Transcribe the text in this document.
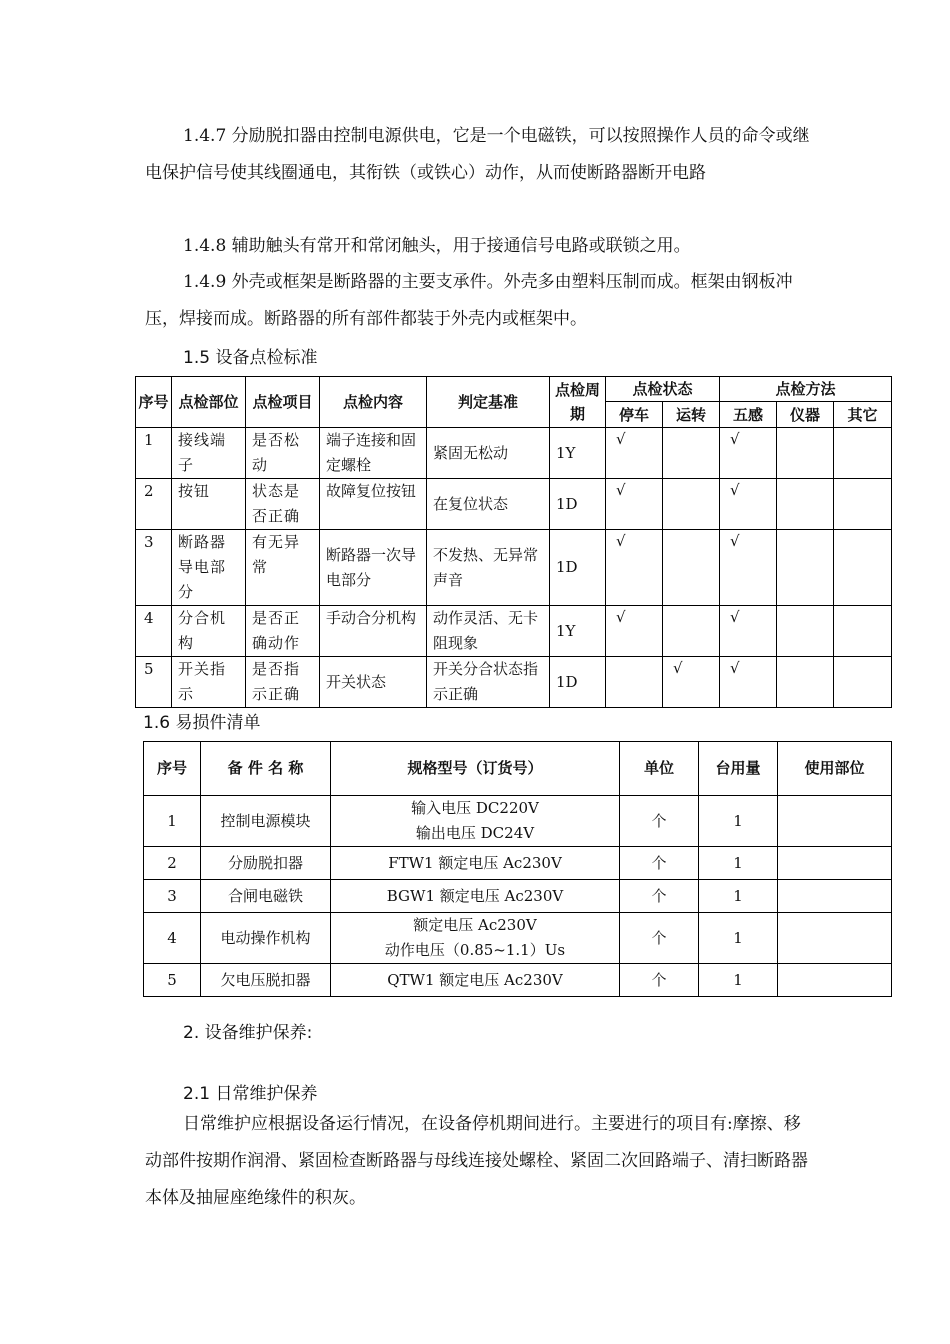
1.4.7 分励脱扣器由控制电源供电，它是一个电磁铁，可以按照操作人员的命令或继电保护信号使其线圈通电，其衔铁（或铁心）动作，从而使断路器断开电路
1.4.8 辅助触头有常开和常闭触头，用于接通信号电路或联锁之用。
1.4.9 外壳或框架是断路器的主要支承件。外壳多由塑料压制而成。框架由钢板冲压，焊接而成。断路器的所有部件都装于外壳内或框架中。
1.5 设备点检标准
序号	点检部位	点检项目	点检内容	判定基准	点检周期	点检状态		点检方法		
						停车	运转	五感	仪器	其它
1	接线端子	是否松动	端子连接和固定螺栓	紧固无松动	1Y	√		√		
2	按钮	状态是否正确	故障复位按钮	在复位状态	1D	√		√		
3	断路器导电部分	有无异常	断路器一次导电部分	不发热、无异常声音	1D	√		√		
4	分合机构	是否正确动作	手动合分机构	动作灵活、无卡阻现象	1Y	√		√		
5	开关指示	是否指示正确	开关状态	开关分合状态指示正确	1D		√	√		
1.6 易损件清单
序号	备 件 名 称	规格型号（订货号）	单位	台用量	使用部位
1	控制电源模块	输入电压 DC220V
输出电压 DC24V	个	1	
2	分励脱扣器	FTW1 额定电压 Ac230V	个	1	
3	合闸电磁铁	BGW1 额定电压 Ac230V	个	1	
4	电动操作机构	额定电压 Ac230V
动作电压（0.85~1.1）Us	个	1	
5	欠电压脱扣器	QTW1 额定电压 Ac230V	个	1	
2. 设备维护保养:
2.1 日常维护保养
日常维护应根据设备运行情况，在设备停机期间进行。主要进行的项目有:摩擦、移动部件按期作润滑、紧固检查断路器与母线连接处螺栓、紧固二次回路端子、清扫断路器本体及抽屉座绝缘件的积灰。
